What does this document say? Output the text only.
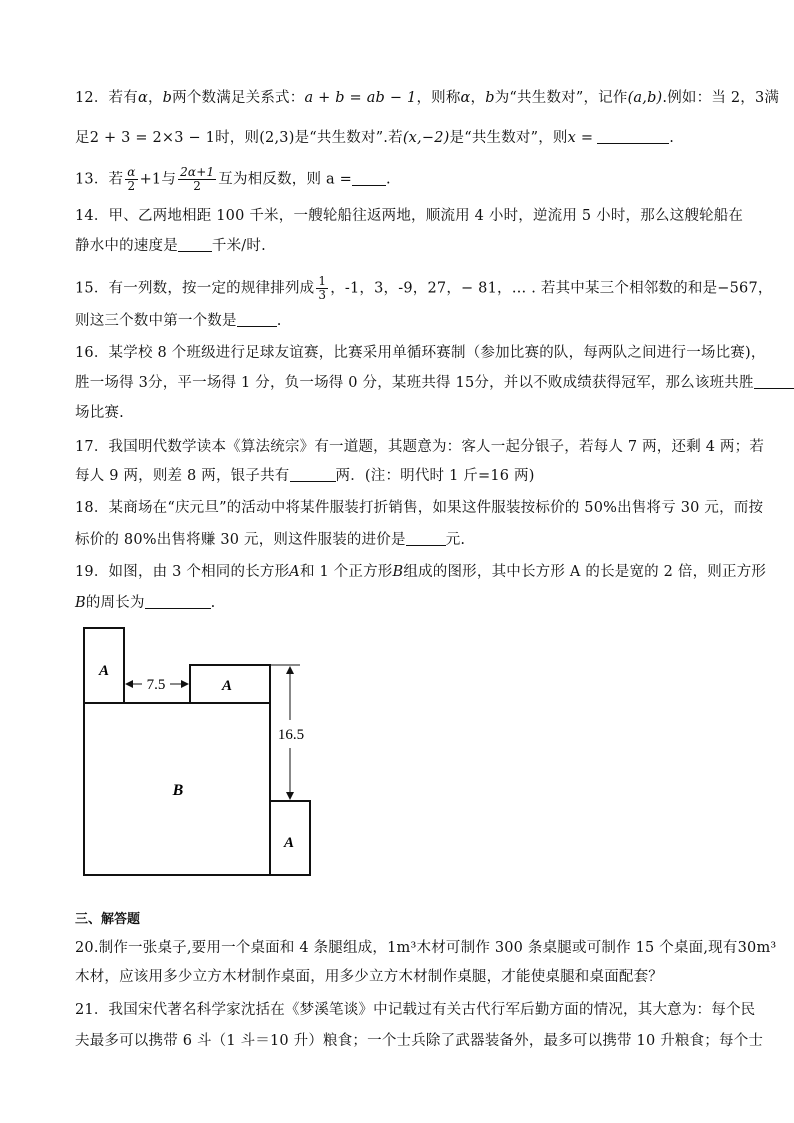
12．若有α，b两个数满足关系式：a + b = ab − 1，则称α，b为“共生数对”，记作(a,b).例如：当 2，3满
足2 + 3 = 2×3 − 1时，则(2,3)是“共生数对”.若(x,−2)是“共生数对”，则x =	.
13．若 $\frac{\alpha}{2} +1$与 $\frac{2\alpha+1}{2}$ 互为相反数，则 a = .
14．甲、乙两地相距 100 千米，一艘轮船往返两地，顺流用 4 小时，逆流用 5 小时，那么这艘轮船在
静水中的速度是 千米/时.
15．有一列数，按一定的规律排列成 $\frac{1}{3}$ ，-1，3，-9，27，− 81，… . 若其中某三个相邻数的和是−567，
则这三个数中第一个数是	.
16．某学校 8 个班级进行足球友谊赛，比赛采用单循环赛制（参加比赛的队，每两队之间进行一场比赛)，
胜一场得 3分，平一场得 1 分，负一场得 0 分，某班共得 15分，并以不败成绩获得冠军，那么该班共胜
场比赛.
17．我国明代数学读本《算法统宗》有一道题，其题意为：客人一起分银子，若每人 7 两，还剩 4 两；若
每人 9 两，则差 8 两，银子共有	两．(注：明代时 1 斤=16 两)
18．某商场在“庆元旦”的活动中将某件服装打折销售，如果这件服装按标价的 50%出售将亏 30 元，而按
标价的 80%出售将赚 30 元，则这件服装的进价是	元.
19．如图，由 3 个相同的长方形A和 1 个正方形B组成的图形，其中长方形 A 的长是宽的 2 倍，则正方形
B的周长为	.
A
A
A
B
7.5
16.5
三、解答题
20.制作一张桌子,要用一个桌面和 4 条腿组成，1m³木材可制作 300 条桌腿或可制作 15 个桌面,现有30m³
木材，应该用多少立方木材制作桌面，用多少立方木材制作桌腿，才能使桌腿和桌面配套？
21．我国宋代著名科学家沈括在《梦溪笔谈》中记载过有关古代行军后勤方面的情况，其大意为：每个民
夫最多可以携带 6 斗（1 斗＝10 升）粮食；一个士兵除了武器装备外，最多可以携带 10 升粮食；每个士
